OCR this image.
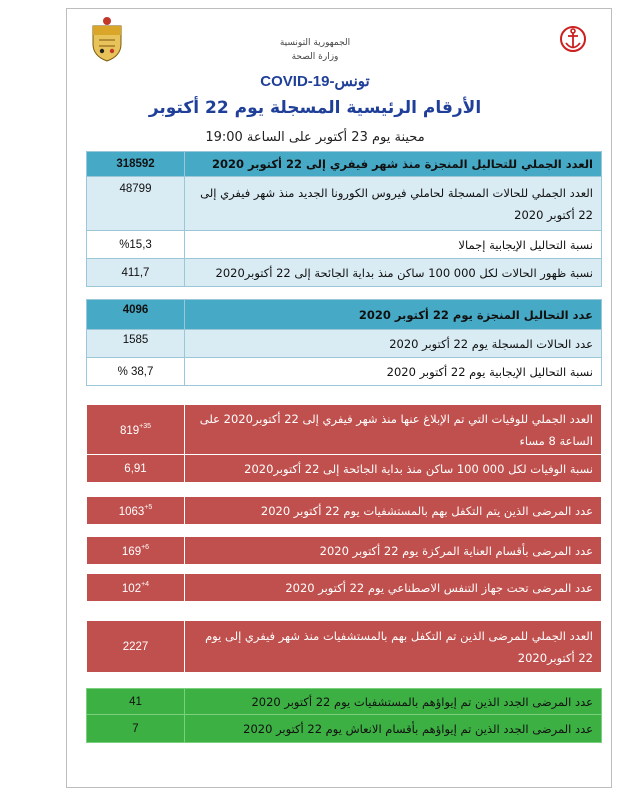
الجمهورية التونسية
وزارة الصحة
COVID-19-تونس
الأرقام الرئيسية المسجلة يوم 22 أكتوبر
محينة يوم 23 أكتوبر على الساعة 19:00
العدد الجملي للتحاليل المنجزة منذ شهر فيفري إلى 22 أكتوبر 2020	318592
العدد الجملي للحالات المسجلة لحاملي فيروس الكورونا الجديد منذ شهر فيفري إلى 22 أكتوبر 2020	48799
نسبة التحاليل الإيجابية إجمالا	%15,3
نسبة ظهور الحالات لكل 000 100 ساكن منذ بداية الجائحة إلى 22 أكتوبر2020	411,7
عدد التحاليل المنجزة يوم 22 أكتوبر 2020	4096
عدد الحالات المسجلة يوم 22 أكتوبر 2020	1585
نسبة التحاليل الإيجابية يوم 22 أكتوبر 2020	38,7 %
العدد الجملي للوفيات التي تم الإبلاغ عنها منذ شهر فيفري إلى 22 أكتوبر2020 على الساعة 8 مساء	$819^{+35}$
نسبة الوفيات لكل 000 100 ساكن منذ بداية الجائحة إلى 22 أكتوبر2020	6,91
عدد المرضى الذين يتم التكفل بهم بالمستشفيات يوم 22 أكتوبر 2020	$1063^{+5}$
عدد المرضى بأقسام العناية المركزة يوم 22 أكتوبر 2020	$169^{+6}$
عدد المرضى تحت جهاز التنفس الاصطناعي يوم 22 أكتوبر 2020	$102^{+4}$
العدد الجملي للمرضى الذين تم التكفل بهم بالمستشفيات منذ شهر فيفري إلى يوم 22 أكتوبر2020	2227
عدد المرضى الجدد الذين تم إيواؤهم بالمستشفيات يوم 22 أكتوبر 2020	41
عدد المرضى الجدد الذين تم إيواؤهم بأقسام الانعاش يوم 22 أكتوبر 2020	7
